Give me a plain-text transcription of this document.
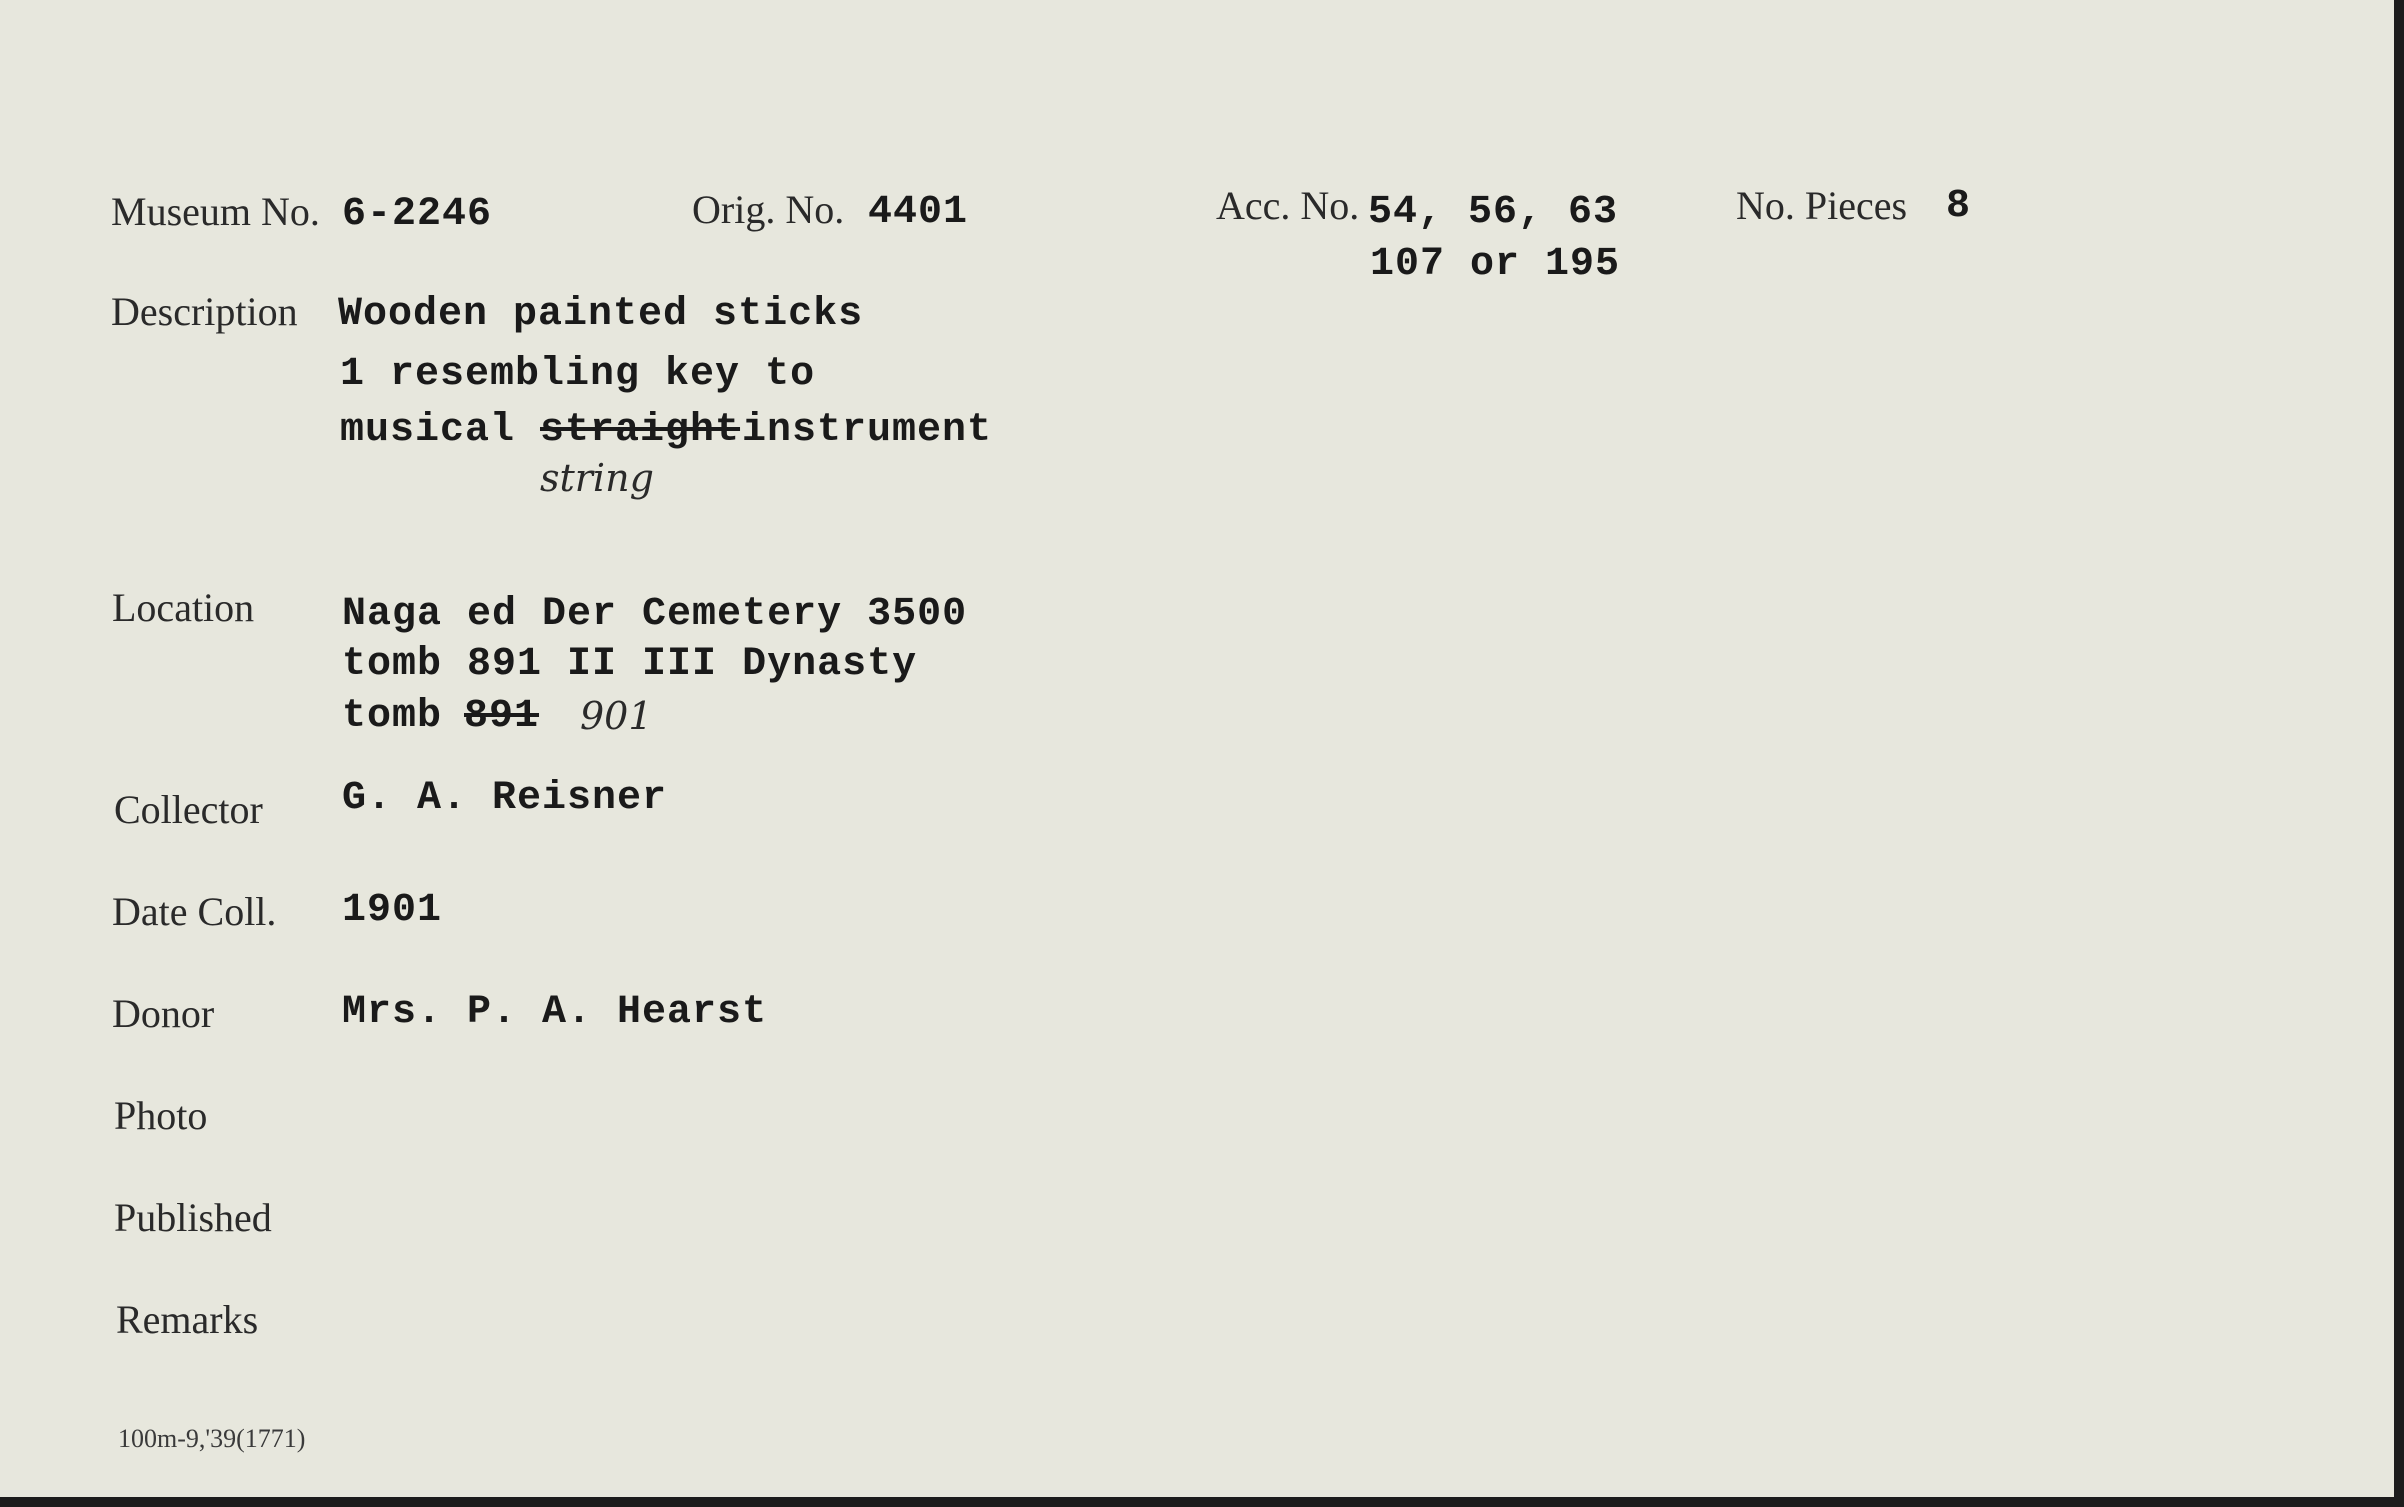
Museum No. 6-2246	Orig. No. 4401	Acc. No. 54, 56, 63
107 or 195
No. Pieces 8
Description Wooden painted sticks
1 resembling key to
musical straight instrument
string
Location Naga ed Der Cemetery 3500
tomb 891 II III Dynasty
tomb 891 901
Collector G. A. Reisner
Date Coll. 1901
Donor	Mrs. P. A. Hearst
Photo
Published
Remarks
100m-9,'39(1771)
